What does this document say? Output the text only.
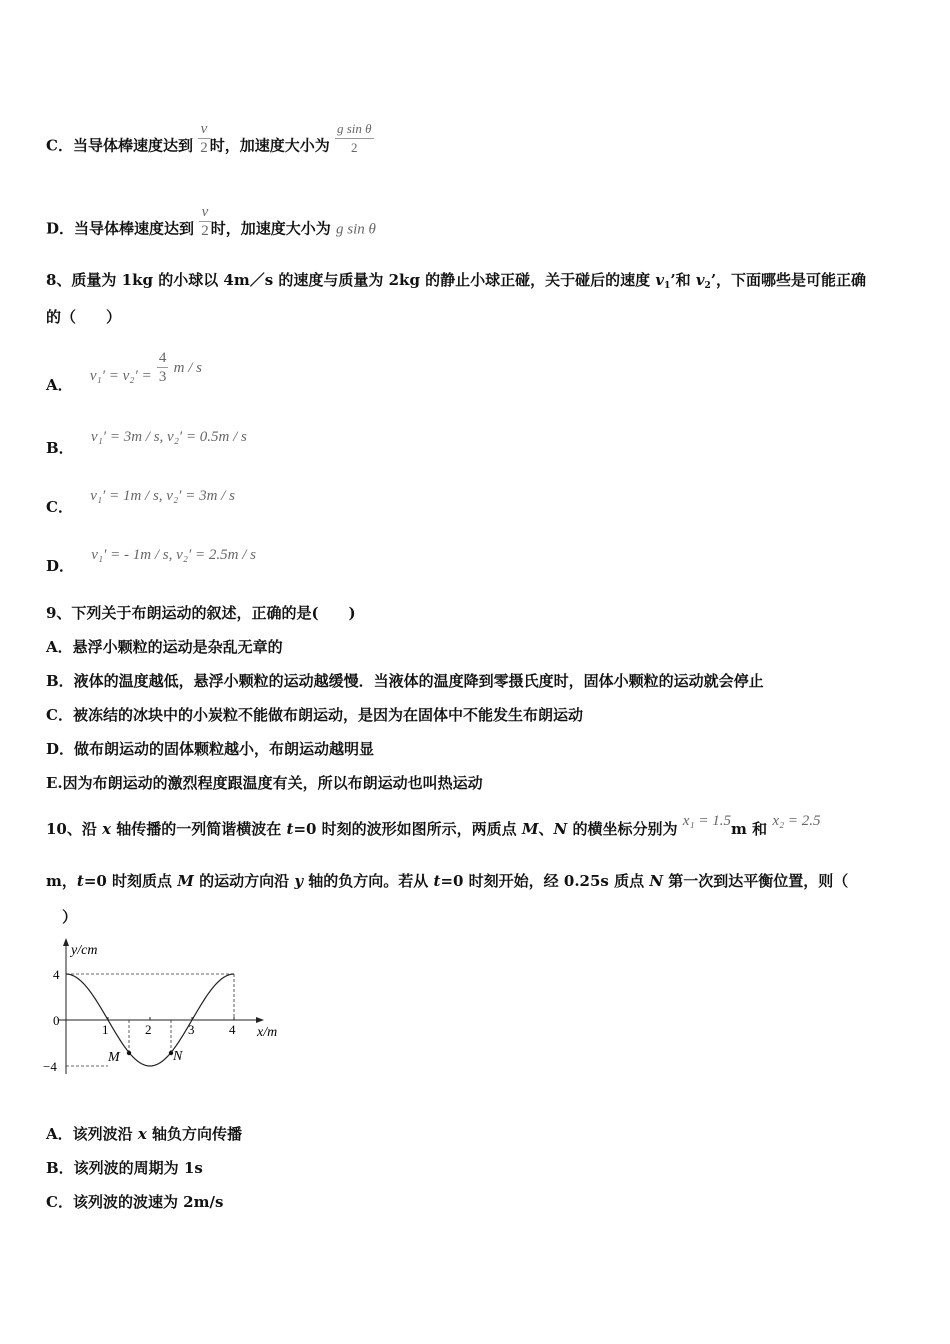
C．当导体棒速度达到 $\frac{v}{2}$ 时，加速度大小为 $\frac{\text{g sin θ}}{2}$
D．当导体棒速度达到 $\frac{v}{2}$ 时，加速度大小为 g sin θ
8、质量为 1kg 的小球以 4m／s 的速度与质量为 2kg 的静止小球正碰，关于碰后的速度 $v_1$’和 $v_2$’，下面哪些是可能正确
的（　　）
A． $v_1' = v_2' = \frac{4}{3}$ m / s
B． v₁′ = 3m / s, v₂′ = 0.5m / s
C． v₁′ = 1m / s, v₂′ = 3m / s
D． v₁′ = - 1m / s, v₂′ = 2.5m / s
9、下列关于布朗运动的叙述，正确的是(　　)
A．悬浮小颗粒的运动是杂乱无章的
B．液体的温度越低，悬浮小颗粒的运动越缓慢．当液体的温度降到零摄氏度时，固体小颗粒的运动就会停止
C．被冻结的冰块中的小炭粒不能做布朗运动，是因为在固体中不能发生布朗运动
D．做布朗运动的固体颗粒越小，布朗运动越明显
E.因为布朗运动的激烈程度跟温度有关，所以布朗运动也叫热运动
10、沿 x 轴传播的一列简谐横波在 t=0 时刻的波形如图所示，两质点 M、N 的横坐标分别为 x₁ = 1.5m 和 x₂ = 2.5
m，t=0 时刻质点 M 的运动方向沿 y 轴的负方向。若从 t=0 时刻开始，经 0.25s 质点 N 第一次到达平衡位置，则（
）
y/cm
x/m
4
0
−4
1	2	3	4
M	N
A．该列波沿 x 轴负方向传播
B．该列波的周期为 1s
C．该列波的波速为 2m/s
